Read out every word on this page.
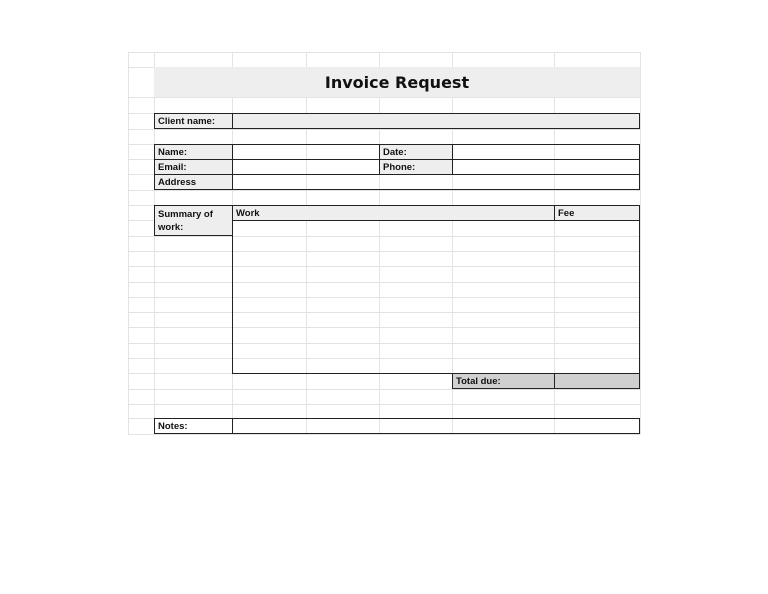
Invoice Request
Client name:
Name:	Date:
Email:	Phone:
Address
Summary of work:
Work	Fee
Total due:
Notes:
